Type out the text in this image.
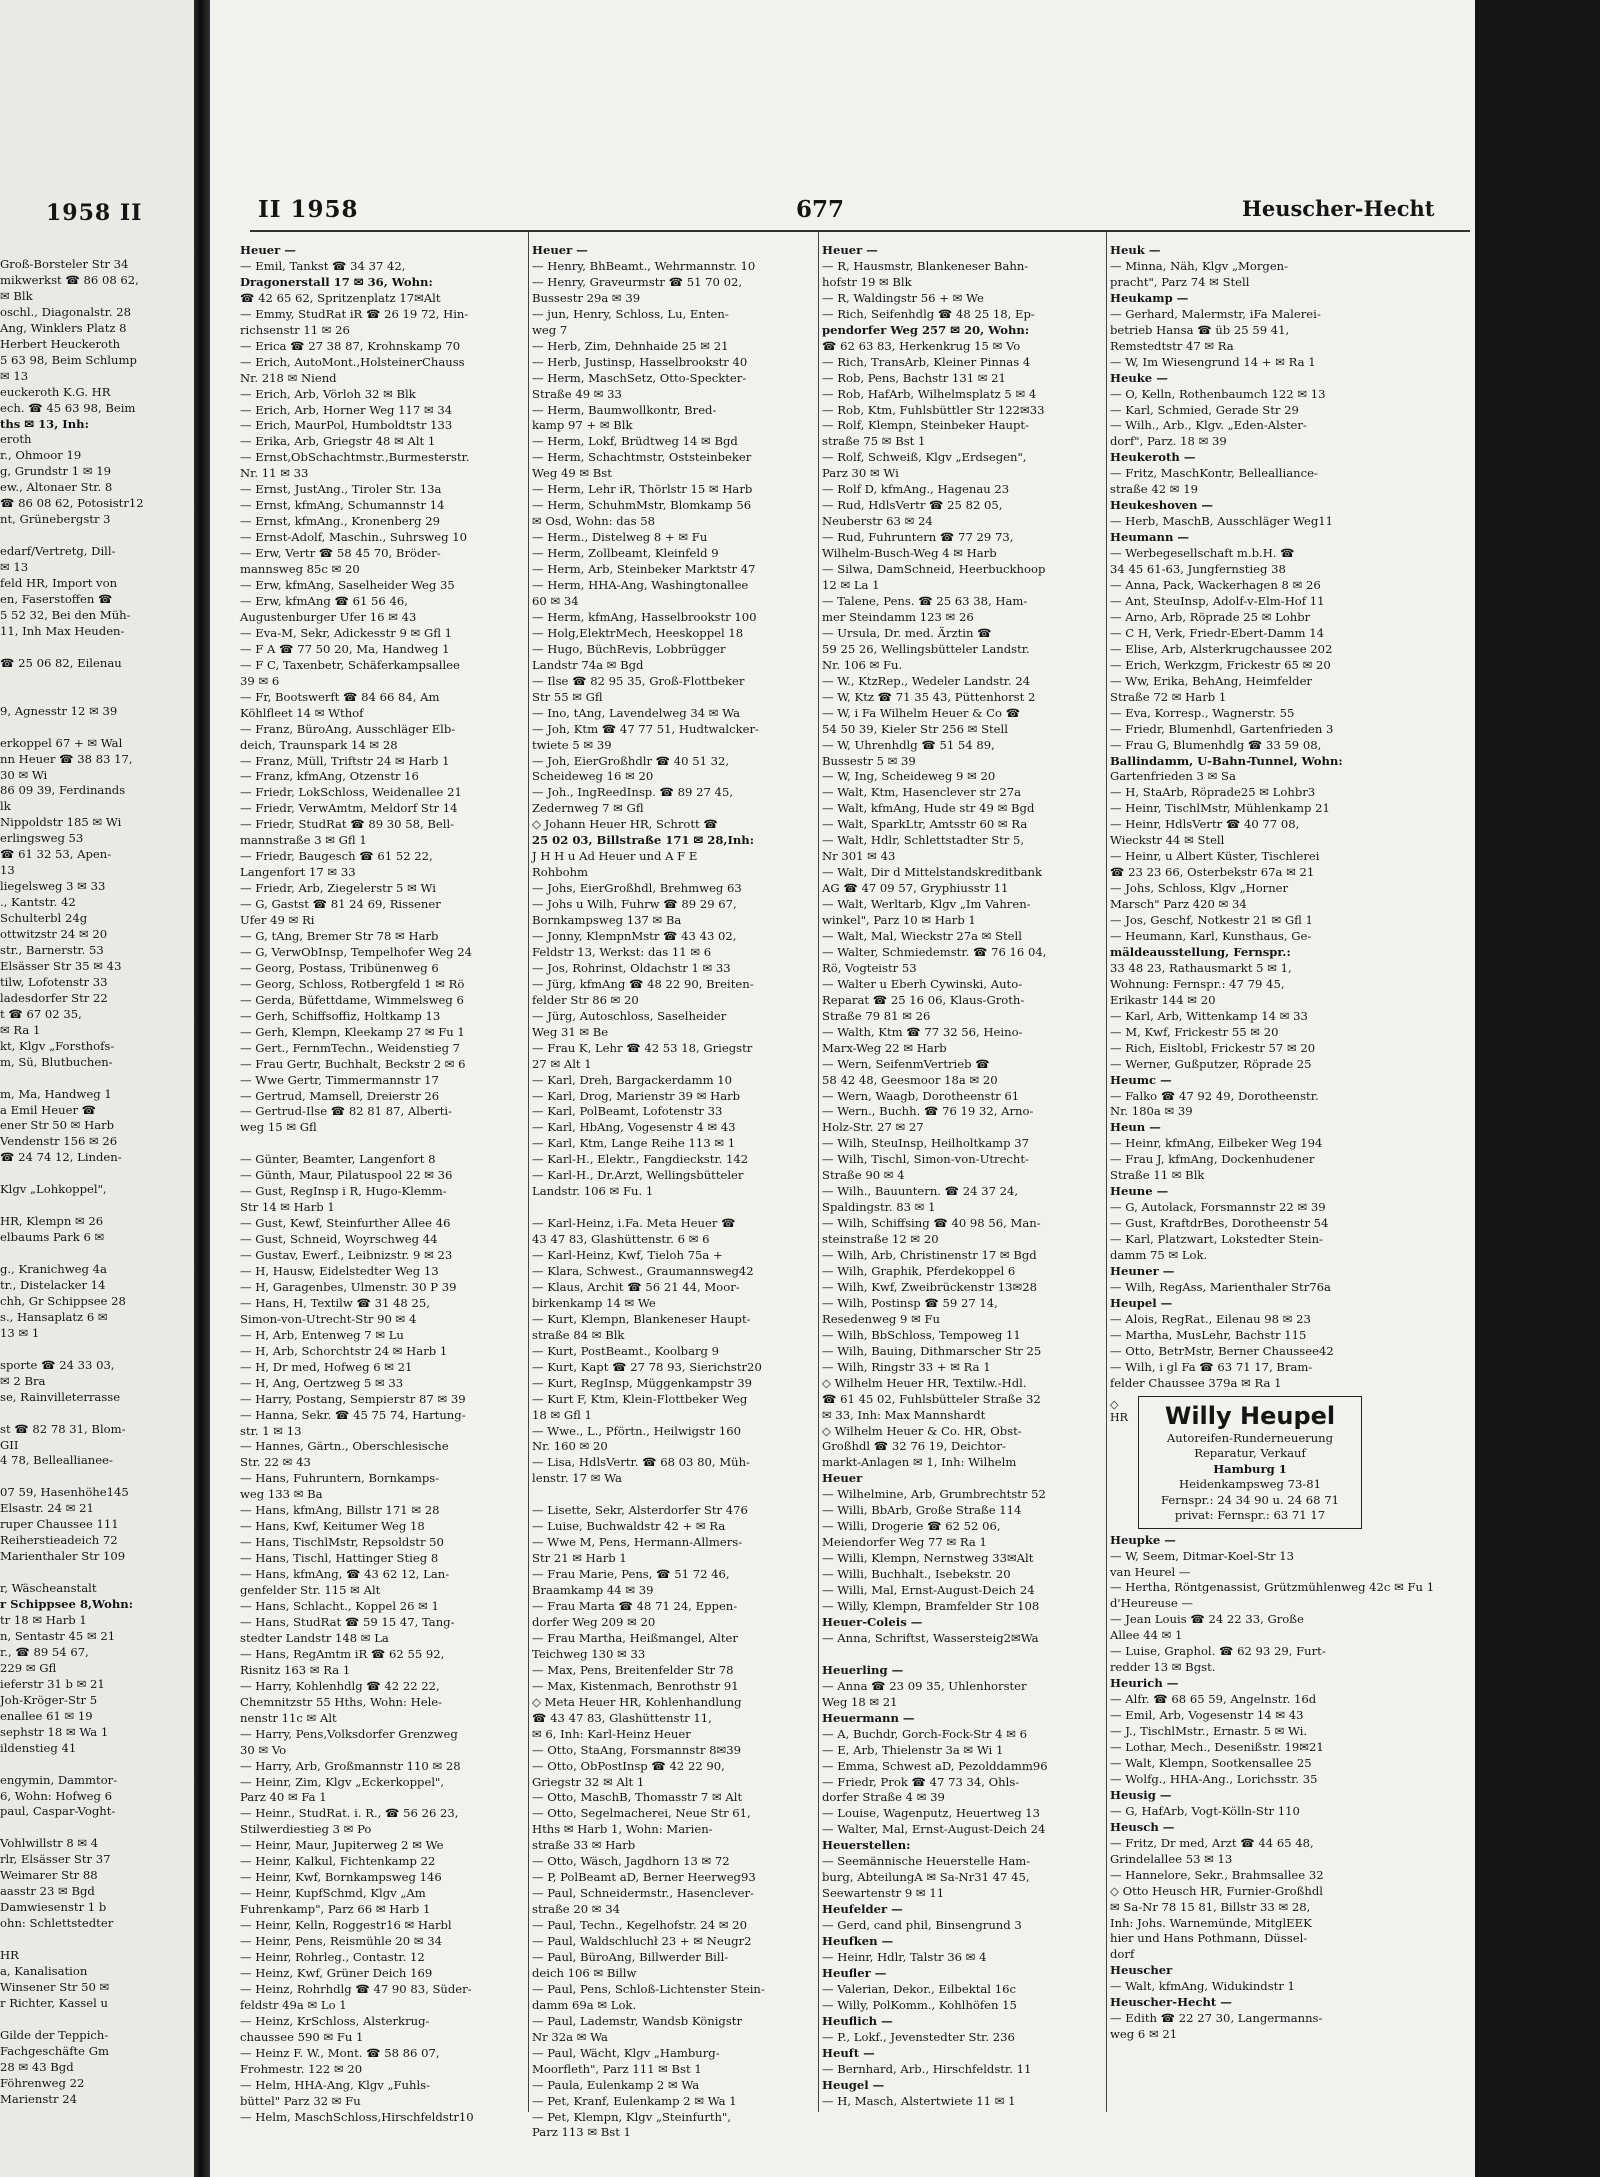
1958 II
Groß-Borsteler Str 34
mikwerkst ☎ 86 08 62,
✉ Blk
oschl., Diagonalstr. 28
Ang, Winklers Platz 8
Herbert Heuckeroth
5 63 98, Beim Schlump
✉ 13
euckeroth K.G. HR
ech. ☎ 45 63 98, Beim
ths ✉ 13, Inh:
eroth
r., Ohmoor 19
g, Grundstr 1 ✉ 19
ew., Altonaer Str. 8
☎ 86 08 62, Potosistr12
nt, Grünebergstr 3

edarf/Vertretg, Dill-
✉ 13
feld HR, Import von
en, Faserstoffen ☎
5 52 32, Bei den Müh-
11, Inh Max Heuden-

☎ 25 06 82, Eilenau

9, Agnesstr 12 ✉ 39

erkoppel 67 + ✉ Wal
nn Heuer ☎ 38 83 17,
30 ✉ Wi
86 09 39, Ferdinands
lk
Nippoldstr 185 ✉ Wi
erlingsweg 53
☎ 61 32 53, Apen-
13
liegelsweg 3 ✉ 33
., Kantstr. 42
Schulterbl 24g
ottwitzstr 24 ✉ 20
str., Barnerstr. 53
Elsässer Str 35 ✉ 43
tilw, Lofotenstr 33
ladesdorfer Str 22
t ☎ 67 02 35,
✉ Ra 1
kt, Klgv „Forsthofs-
m, Sü, Blutbuchen-

m, Ma, Handweg 1
a Emil Heuer ☎
ener Str 50 ✉ Harb
Vendenstr 156 ✉ 26
☎ 24 74 12, Linden-

Klgv „Lohkoppel",

HR, Klempn ✉ 26
elbaums Park 6 ✉

g., Kranichweg 4a
tr., Distelacker 14
chh, Gr Schippsee 28
s., Hansaplatz 6 ✉
13 ✉ 1

sporte ☎ 24 33 03,
✉ 2 Bra
se, Rainvilleterrasse

st ☎ 82 78 31, Blom-
GII
4 78, Belleallianee-

07 59, Hasenhöhe145
Elsastr. 24 ✉ 21
ruper Chaussee 111
Reiherstieadeich 72
Marienthaler Str 109

r, Wäscheanstalt
r Schippsee 8,Wohn:
tr 18 ✉ Harb 1
n, Sentastr 45 ✉ 21
r., ☎ 89 54 67,
229 ✉ Gfl
ieferstr 31 b ✉ 21
Joh-Kröger-Str 5
enallee 61 ✉ 19
sephstr 18 ✉ Wa 1
ildenstieg 41

engymin, Dammtor-
6, Wohn: Hofweg 6
paul, Caspar-Voght-

Vohlwillstr 8 ✉ 4
rlr, Elsässer Str 37
Weimarer Str 88
aasstr 23 ✉ Bgd
Damwiesenstr 1 b
ohn: Schlettstedter

HR
a, Kanalisation
Winsener Str 50 ✉
r Richter, Kassel u

Gilde der Teppich-
Fachgeschäfte Gm
28 ✉ 43 Bgd
Föhrenweg 22
Marienstr 24
II 1958	677	Heuscher-Hecht
Heuer —
— Emil, Tankst ☎ 34 37 42,
Dragonerstall 17 ✉ 36, Wohn:
☎ 42 65 62, Spritzenplatz 17✉Alt
— Emmy, StudRat iR ☎ 26 19 72, Hin-
richsenstr 11 ✉ 26
— Erica ☎ 27 38 87, Krohnskamp 70
— Erich, AutoMont.,HolsteinerChauss
Nr. 218 ✉ Niend
— Erich, Arb, Vörloh 32 ✉ Blk
— Erich, Arb, Horner Weg 117 ✉ 34
— Erich, MaurPol, Humboldtstr 133
— Erika, Arb, Griegstr 48 ✉ Alt 1
— Ernst,ObSchachtmstr.,Burmesterstr.
Nr. 11 ✉ 33
— Ernst, JustAng., Tiroler Str. 13a
— Ernst, kfmAng, Schumannstr 14
— Ernst, kfmAng., Kronenberg 29
— Ernst-Adolf, Maschin., Suhrsweg 10
— Erw, Vertr ☎ 58 45 70, Bröder-
mannsweg 85c ✉ 20
— Erw, kfmAng, Saselheider Weg 35
— Erw, kfmAng ☎ 61 56 46,
Augustenburger Ufer 16 ✉ 43
— Eva-M, Sekr, Adickesstr 9 ✉ Gfl 1
— F A ☎ 77 50 20, Ma, Handweg 1
— F C, Taxenbetr, Schäferkampsallee
39 ✉ 6
— Fr, Bootswerft ☎ 84 66 84, Am
Köhlfleet 14 ✉ Wthof
— Franz, BüroAng, Ausschläger Elb-
deich, Traunspark 14 ✉ 28
— Franz, Müll, Triftstr 24 ✉ Harb 1
— Franz, kfmAng, Otzenstr 16
— Friedr, LokSchloss, Weidenallee 21
— Friedr, VerwAmtm, Meldorf Str 14
— Friedr, StudRat ☎ 89 30 58, Bell-
mannstraße 3 ✉ Gfl 1
— Friedr, Baugesch ☎ 61 52 22,
Langenfort 17 ✉ 33
— Friedr, Arb, Ziegelerstr 5 ✉ Wi
— G, Gastst ☎ 81 24 69, Rissener
Ufer 49 ✉ Ri
— G, tAng, Bremer Str 78 ✉ Harb
— G, VerwObInsp, Tempelhofer Weg 24
— Georg, Postass, Tribünenweg 6
— Georg, Schloss, Rotbergfeld 1 ✉ Rö
— Gerda, Büfettdame, Wimmelsweg 6
— Gerh, Schiffsoffiz, Holtkamp 13
— Gerh, Klempn, Kleekamp 27 ✉ Fu 1
— Gert., FernmTechn., Weidenstieg 7
— Frau Gertr, Buchhalt, Beckstr 2 ✉ 6
— Wwe Gertr, Timmermannstr 17
— Gertrud, Mamsell, Dreierstr 26
— Gertrud-Ilse ☎ 82 81 87, Alberti-
weg 15 ✉ Gfl

— Günter, Beamter, Langenfort 8
— Günth, Maur, Pilatuspool 22 ✉ 36
— Gust, RegInsp i R, Hugo-Klemm-
Str 14 ✉ Harb 1
— Gust, Kewf, Steinfurther Allee 46
— Gust, Schneid, Woyrschweg 44
— Gustav, Ewerf., Leibnizstr. 9 ✉ 23
— H, Hausw, Eidelstedter Weg 13
— H, Garagenbes, Ulmenstr. 30 P 39
— Hans, H, Textilw ☎ 31 48 25,
Simon-von-Utrecht-Str 90 ✉ 4
— H, Arb, Entenweg 7 ✉ Lu
— H, Arb, Schorchtstr 24 ✉ Harb 1
— H, Dr med, Hofweg 6 ✉ 21
— H, Ang, Oertzweg 5 ✉ 33
— Harry, Postang, Sempierstr 87 ✉ 39
— Hanna, Sekr. ☎ 45 75 74, Hartung-
str. 1 ✉ 13
— Hannes, Gärtn., Oberschlesische
Str. 22 ✉ 43
— Hans, Fuhruntern, Bornkamps-
weg 133 ✉ Ba
— Hans, kfmAng, Billstr 171 ✉ 28
— Hans, Kwf, Keitumer Weg 18
— Hans, TischlMstr, Repsoldstr 50
— Hans, Tischl, Hattinger Stieg 8
— Hans, kfmAng, ☎ 43 62 12, Lan-
genfelder Str. 115 ✉ Alt
— Hans, Schlacht., Koppel 26 ✉ 1
— Hans, StudRat ☎ 59 15 47, Tang-
stedter Landstr 148 ✉ La
— Hans, RegAmtm iR ☎ 62 55 92,
Risnitz 163 ✉ Ra 1
— Harry, Kohlenhdlg ☎ 42 22 22,
Chemnitzstr 55 Hths, Wohn: Hele-
nenstr 11c ✉ Alt
— Harry, Pens,Volksdorfer Grenzweg
30 ✉ Vo
— Harry, Arb, Großmannstr 110 ✉ 28
— Heinr, Zim, Klgv „Eckerkoppel",
Parz 40 ✉ Fa 1
— Heinr., StudRat. i. R., ☎ 56 26 23,
Stilwerdiestieg 3 ✉ Po
— Heinr, Maur, Jupiterweg 2 ✉ We
— Heinr, Kalkul, Fichtenkamp 22
— Heinr, Kwf, Bornkampsweg 146
— Heinr, KupfSchmd, Klgv „Am
Fuhrenkamp", Parz 66 ✉ Harb 1
— Heinr, Kelln, Roggestr16 ✉ Harbl
— Heinr, Pens, Reismühle 20 ✉ 34
— Heinr, Rohrleg., Contastr. 12
— Heinz, Kwf, Grüner Deich 169
— Heinz, Rohrhdlg ☎ 47 90 83, Süder-
feldstr 49a ✉ Lo 1
— Heinz, KrSchloss, Alsterkrug-
chaussee 590 ✉ Fu 1
— Heinz F. W., Mont. ☎ 58 86 07,
Frohmestr. 122 ✉ 20
— Helm, HHA-Ang, Klgv „Fuhls-
büttel" Parz 32 ✉ Fu
— Helm, MaschSchloss,Hirschfeldstr10
Heuer —
— Henry, BhBeamt., Wehrmannstr. 10
— Henry, Graveurmstr ☎ 51 70 02,
Bussestr 29a ✉ 39
— jun, Henry, Schloss, Lu, Enten-
weg 7
— Herb, Zim, Dehnhaide 25 ✉ 21
— Herb, Justinsp, Hasselbrookstr 40
— Herm, MaschSetz, Otto-Speckter-
Straße 49 ✉ 33
— Herm, Baumwollkontr, Bred-
kamp 97 + ✉ Blk
— Herm, Lokf, Brüdtweg 14 ✉ Bgd
— Herm, Schachtmstr, Oststeinbeker
Weg 49 ✉ Bst
— Herm, Lehr iR, Thörlstr 15 ✉ Harb
— Herm, SchuhmMstr, Blomkamp 56
✉ Osd, Wohn: das 58
— Herm., Distelweg 8 + ✉ Fu
— Herm, Zollbeamt, Kleinfeld 9
— Herm, Arb, Steinbeker Marktstr 47
— Herm, HHA-Ang, Washingtonallee
60 ✉ 34
— Herm, kfmAng, Hasselbrookstr 100
— Holg,ElektrMech, Heeskoppel 18
— Hugo, BüchRevis, Lobbrügger
Landstr 74a ✉ Bgd
— Ilse ☎ 82 95 35, Groß-Flottbeker
Str 55 ✉ Gfl
— Ino, tAng, Lavendelweg 34 ✉ Wa
— Joh, Ktm ☎ 47 77 51, Hudtwalcker-
twiete 5 ✉ 39
— Joh, EierGroßhdlr ☎ 40 51 32,
Scheideweg 16 ✉ 20
— Joh., IngReedInsp. ☎ 89 27 45,
Zedernweg 7 ✉ Gfl
◇ Johann Heuer HR, Schrott ☎
25 02 03, Billstraße 171 ✉ 28,Inh:
J H H u Ad Heuer und A F E
Rohbohm
— Johs, EierGroßhdl, Brehmweg 63
— Johs u Wilh, Fuhrw ☎ 89 29 67,
Bornkampsweg 137 ✉ Ba
— Jonny, KlempnMstr ☎ 43 43 02,
Feldstr 13, Werkst: das 11 ✉ 6
— Jos, Rohrinst, Oldachstr 1 ✉ 33
— Jürg, kfmAng ☎ 48 22 90, Breiten-
felder Str 86 ✉ 20
— Jürg, Autoschloss, Saselheider
Weg 31 ✉ Be
— Frau K, Lehr ☎ 42 53 18, Griegstr
27 ✉ Alt 1
— Karl, Dreh, Bargackerdamm 10
— Karl, Drog, Marienstr 39 ✉ Harb
— Karl, PolBeamt, Lofotenstr 33
— Karl, HbAng, Vogesenstr 4 ✉ 43
— Karl, Ktm, Lange Reihe 113 ✉ 1
— Karl-H., Elektr., Fangdieckstr. 142
— Karl-H., Dr.Arzt, Wellingsbütteler
Landstr. 106 ✉ Fu. 1

— Karl-Heinz, i.Fa. Meta Heuer ☎
43 47 83, Glashüttenstr. 6 ✉ 6
— Karl-Heinz, Kwf, Tieloh 75a +
— Klara, Schwest., Graumannsweg42
— Klaus, Archit ☎ 56 21 44, Moor-
birkenkamp 14 ✉ We
— Kurt, Klempn, Blankeneser Haupt-
straße 84 ✉ Blk
— Kurt, PostBeamt., Koolbarg 9
— Kurt, Kapt ☎ 27 78 93, Sierichstr20
— Kurt, RegInsp, Müggenkampstr 39
— Kurt F, Ktm, Klein-Flottbeker Weg
18 ✉ Gfl 1
— Wwe., L., Pförtn., Heilwigstr 160
Nr. 160 ✉ 20
— Lisa, HdlsVertr. ☎ 68 03 80, Müh-
lenstr. 17 ✉ Wa

— Lisette, Sekr, Alsterdorfer Str 476
— Luise, Buchwaldstr 42 + ✉ Ra
— Wwe M, Pens, Hermann-Allmers-
Str 21 ✉ Harb 1
— Frau Marie, Pens, ☎ 51 72 46,
Braamkamp 44 ✉ 39
— Frau Marta ☎ 48 71 24, Eppen-
dorfer Weg 209 ✉ 20
— Frau Martha, Heißmangel, Alter
Teichweg 130 ✉ 33
— Max, Pens, Breitenfelder Str 78
— Max, Kistenmach, Benrothstr 91
◇ Meta Heuer HR, Kohlenhandlung
☎ 43 47 83, Glashüttenstr 11,
✉ 6, Inh: Karl-Heinz Heuer
— Otto, StaAng, Forsmannstr 8✉39
— Otto, ObPostInsp ☎ 42 22 90,
Griegstr 32 ✉ Alt 1
— Otto, MaschB, Thomasstr 7 ✉ Alt
— Otto, Segelmacherei, Neue Str 61,
Hths ✉ Harb 1, Wohn: Marien-
straße 33 ✉ Harb
— Otto, Wäsch, Jagdhorn 13 ✉ 72
— P, PolBeamt aD, Berner Heerweg93
— Paul, Schneidermstr., Hasenclever-
straße 20 ✉ 34
— Paul, Techn., Kegelhofstr. 24 ✉ 20
— Paul, Waldschluchł 23 + ✉ Neugr2
— Paul, BüroAng, Billwerder Bill-
deich 106 ✉ Billw
— Paul, Pens, Schloß-Lichtenster Stein-
damm 69a ✉ Lok.
— Paul, Lademstr, Wandsb Königstr
Nr 32a ✉ Wa
— Paul, Wächt, Klgv „Hamburg-
Moorfleth", Parz 111 ✉ Bst 1
— Paula, Eulenkamp 2 ✉ Wa
— Pet, Kranf, Eulenkamp 2 ✉ Wa 1
— Pet, Klempn, Klgv „Steinfurth",
Parz 113 ✉ Bst 1
Heuer —
— R, Hausmstr, Blankeneser Bahn-
hofstr 19 ✉ Blk
— R, Waldingstr 56 + ✉ We
— Rich, Seifenhdlg ☎ 48 25 18, Ep-
pendorfer Weg 257 ✉ 20, Wohn:
☎ 62 63 83, Herkenkrug 15 ✉ Vo
— Rich, TransArb, Kleiner Pinnas 4
— Rob, Pens, Bachstr 131 ✉ 21
— Rob, HafArb, Wilhelmsplatz 5 ✉ 4
— Rob, Ktm, Fuhlsbüttler Str 122✉33
— Rolf, Klempn, Steinbeker Haupt-
straße 75 ✉ Bst 1
— Rolf, Schweiß, Klgv „Erdsegen",
Parz 30 ✉ Wi
— Rolf D, kfmAng., Hagenau 23
— Rud, HdlsVertr ☎ 25 82 05,
Neuberstr 63 ✉ 24
— Rud, Fuhruntern ☎ 77 29 73,
Wilhelm-Busch-Weg 4 ✉ Harb
— Silwa, DamSchneid, Heerbuckhoop
12 ✉ La 1
— Talene, Pens. ☎ 25 63 38, Ham-
mer Steindamm 123 ✉ 26
— Ursula, Dr. med. Ärztin ☎
59 25 26, Wellingsbütteler Landstr.
Nr. 106 ✉ Fu.
— W., KtzRep., Wedeler Landstr. 24
— W, Ktz ☎ 71 35 43, Püttenhorst 2
— W, i Fa Wilhelm Heuer & Co ☎
54 50 39, Kieler Str 256 ✉ Stell
— W, Uhrenhdlg ☎ 51 54 89,
Bussestr 5 ✉ 39
— W, Ing, Scheideweg 9 ✉ 20
— Walt, Ktm, Hasenclever str 27a
— Walt, kfmAng, Hude str 49 ✉ Bgd
— Walt, SparkLtr, Amtsstr 60 ✉ Ra
— Walt, Hdlr, Schlettstadter Str 5,
Nr 301 ✉ 43
— Walt, Dir d Mittelstandskreditbank
AG ☎ 47 09 57, Gryphiusstr 11
— Walt, Werltarb, Klgv „Im Vahren-
winkel", Parz 10 ✉ Harb 1
— Walt, Mal, Wieckstr 27a ✉ Stell
— Walter, Schmiedemstr. ☎ 76 16 04,
Rö, Vogteistr 53
— Walter u Eberh Cywinski, Auto-
Reparat ☎ 25 16 06, Klaus-Groth-
Straße 79 81 ✉ 26
— Walth, Ktm ☎ 77 32 56, Heino-
Marx-Weg 22 ✉ Harb
— Wern, SeifenmVertrieb ☎
58 42 48, Geesmoor 18a ✉ 20
— Wern, Waagb, Dorotheenstr 61
— Wern., Buchh. ☎ 76 19 32, Arno-
Holz-Str. 27 ✉ 27
— Wilh, SteuInsp, Heilholtkamp 37
— Wilh, Tischl, Simon-von-Utrecht-
Straße 90 ✉ 4
— Wilh., Bauuntern. ☎ 24 37 24,
Spaldingstr. 83 ✉ 1
— Wilh, Schiffsing ☎ 40 98 56, Man-
steinstraße 12 ✉ 20
— Wilh, Arb, Christinenstr 17 ✉ Bgd
— Wilh, Graphik, Pferdekoppel 6
— Wilh, Kwf, Zweibrückenstr 13✉28
— Wilh, Postinsp ☎ 59 27 14,
Resedenweg 9 ✉ Fu
— Wilh, BbSchloss, Tempoweg 11
— Wilh, Bauing, Dithmarscher Str 25
— Wilh, Ringstr 33 + ✉ Ra 1
◇ Wilhelm Heuer HR, Textilw.-Hdl.
☎ 61 45 02, Fuhlsbütteler Straße 32
✉ 33, Inh: Max Mannshardt
◇ Wilhelm Heuer & Co. HR, Obst-
Großhdl ☎ 32 76 19, Deichtor-
markt-Anlagen ✉ 1, Inh: Wilhelm
Heuer
— Wilhelmine, Arb, Grumbrechtstr 52
— Willi, BbArb, Große Straße 114
— Willi, Drogerie ☎ 62 52 06,
Meiendorfer Weg 77 ✉ Ra 1
— Willi, Klempn, Nernstweg 33✉Alt
— Willi, Buchhalt., Isebekstr. 20
— Willi, Mal, Ernst-August-Deich 24
— Willy, Klempn, Bramfelder Str 108
Heuer-Coleis —
— Anna, Schriftst, Wassersteig2✉Wa

Heuerling —
— Anna ☎ 23 09 35, Uhlenhorster
Weg 18 ✉ 21
Heuermann —
— A, Buchdr, Gorch-Fock-Str 4 ✉ 6
— E, Arb, Thielenstr 3a ✉ Wi 1
— Emma, Schwest aD, Pezolddamm96
— Friedr, Prok ☎ 47 73 34, Ohls-
dorfer Straße 4 ✉ 39
— Louise, Wagenputz, Heuertweg 13
— Walter, Mal, Ernst-August-Deich 24
Heuerstellen:
— Seemännische Heuerstelle Ham-
burg, AbteilungA ✉ Sa-Nr31 47 45,
Seewartenstr 9 ✉ 11
Heufelder —
— Gerd, cand phil, Binsengrund 3
Heufken —
— Heinr, Hdlr, Talstr 36 ✉ 4
Heufler —
— Valerian, Dekor., Eilbektal 16c
— Willy, PolKomm., Kohlhöfen 15
Heuflich —
— P., Lokf., Jevenstedter Str. 236
Heuft —
— Bernhard, Arb., Hirschfeldstr. 11
Heugel —
— H, Masch, Alstertwiete 11 ✉ 1
Heuk —
— Minna, Näh, Klgv „Morgen-
pracht", Parz 74 ✉ Stell
Heukamp —
— Gerhard, Malermstr, iFa Malerei-
betrieb Hansa ☎ üb 25 59 41,
Remstedtstr 47 ✉ Ra
— W, Im Wiesengrund 14 + ✉ Ra 1
Heuke —
— O, Kelln, Rothenbaumch 122 ✉ 13
— Karl, Schmied, Gerade Str 29
— Wilh., Arb., Klgv. „Eden-Alster-
dorf", Parz. 18 ✉ 39
Heukeroth —
— Fritz, MaschKontr, Bellealliance-
straße 42 ✉ 19
Heukeshoven —
— Herb, MaschB, Ausschläger Weg11
Heumann —
— Werbegesellschaft m.b.H. ☎
34 45 61-63, Jungfernstieg 38
— Anna, Pack, Wackerhagen 8 ✉ 26
— Ant, SteuInsp, Adolf-v-Elm-Hof 11
— Arno, Arb, Röprade 25 ✉ Lohbr
— C H, Verk, Friedr-Ebert-Damm 14
— Elise, Arb, Alsterkrugchaussee 202
— Erich, Werkzgm, Frickestr 65 ✉ 20
— Ww, Erika, BehAng, Heimfelder
Straße 72 ✉ Harb 1
— Eva, Korresp., Wagnerstr. 55
— Friedr, Blumenhdl, Gartenfrieden 3
— Frau G, Blumenhdlg ☎ 33 59 08,
Ballindamm, U-Bahn-Tunnel, Wohn:
Gartenfrieden 3 ✉ Sa
— H, StaArb, Röprade25 ✉ Lohbr3
— Heinr, TischlMstr, Mühlenkamp 21
— Heinr, HdlsVertr ☎ 40 77 08,
Wieckstr 44 ✉ Stell
— Heinr, u Albert Küster, Tischlerei
☎ 23 23 66, Osterbekstr 67a ✉ 21
— Johs, Schloss, Klgv „Horner
Marsch" Parz 420 ✉ 34
— Jos, Geschf, Notkestr 21 ✉ Gfl 1
— Heumann, Karl, Kunsthaus, Ge-
mäldeausstellung, Fernspr.:
33 48 23, Rathausmarkt 5 ✉ 1,
Wohnung: Fernspr.: 47 79 45,
Erikastr 144 ✉ 20
— Karl, Arb, Wittenkamp 14 ✉ 33
— M, Kwf, Frickestr 55 ✉ 20
— Rich, Eisltobl, Frickestr 57 ✉ 20
— Werner, Gußputzer, Röprade 25
Heumc —
— Falko ☎ 47 92 49, Dorotheenstr.
Nr. 180a ✉ 39
Heun —
— Heinr, kfmAng, Eilbeker Weg 194
— Frau J, kfmAng, Dockenhudener
Straße 11 ✉ Blk
Heune —
— G, Autolack, Forsmannstr 22 ✉ 39
— Gust, KraftdrBes, Dorotheenstr 54
— Karl, Platzwart, Lokstedter Stein-
damm 75 ✉ Lok.
Heuner —
— Wilh, RegAss, Marienthaler Str76a
Heupel —
— Alois, RegRat., Eilenau 98 ✉ 23
— Martha, MusLehr, Bachstr 115
— Otto, BetrMstr, Berner Chaussee42
— Wilh, i gl Fa ☎ 63 71 17, Bram-
felder Chaussee 379a ✉ Ra 1
◇ HR	Willy Heupel
Autoreifen-Runderneuerung
Reparatur, Verkauf
Hamburg 1
Heidenkampsweg 73-81
Fernspr.: 24 34 90 u. 24 68 71
privat: Fernspr.: 63 71 17
Heupke —
— W, Seem, Ditmar-Koel-Str 13
van Heurel —
— Hertha, Röntgenassist, Grützmühlenweg 42c ✉ Fu 1
d'Heureuse —
— Jean Louis ☎ 24 22 33, Große
Allee 44 ✉ 1
— Luise, Graphol. ☎ 62 93 29, Furt-
redder 13 ✉ Bgst.
Heurich —
— Alfr. ☎ 68 65 59, Angelnstr. 16d
— Emil, Arb, Vogesenstr 14 ✉ 43
— J., TischlMstr., Ernastr. 5 ✉ Wi.
— Lothar, Mech., Desenißstr. 19✉21
— Walt, Klempn, Sootkensallee 25
— Wolfg., HHA-Ang., Lorichsstr. 35
Heusig —
— G, HafArb, Vogt-Kölln-Str 110
Heusch —
— Fritz, Dr med, Arzt ☎ 44 65 48,
Grindelallee 53 ✉ 13
— Hannelore, Sekr., Brahmsallee 32
◇ Otto Heusch HR, Furnier-Großhdl
✉ Sa-Nr 78 15 81, Billstr 33 ✉ 28,
Inh: Johs. Warnemünde, MitglEEK
hier und Hans Pothmann, Düssel-
dorf
Heuscher
— Walt, kfmAng, Widukindstr 1
Heuscher-Hecht —
— Edith ☎ 22 27 30, Langermanns-
weg 6 ✉ 21
